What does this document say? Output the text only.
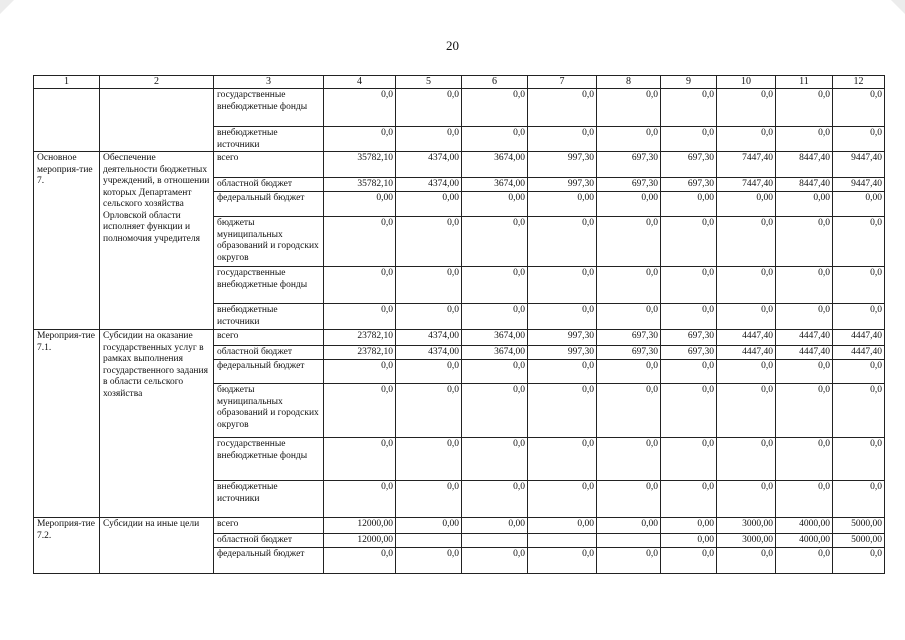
20
1	2	3	4	5	6	7	8	9	10	11	12
		государственные внебюджетные фонды	0,0	0,0	0,0	0,0	0,0	0,0	0,0	0,0	0,0
		внебюджетные источники	0,0	0,0	0,0	0,0	0,0	0,0	0,0	0,0	0,0
Основное мероприя-тие 7.	Обеспечение деятельности бюджетных учреждений, в отношении которых Департамент сельского хозяйства Орловской области исполняет функции и полномочия учредителя	всего	35782,10	4374,00	3674,00	997,30	697,30	697,30	7447,40	8447,40	9447,40
		областной бюджет	35782,10	4374,00	3674,00	997,30	697,30	697,30	7447,40	8447,40	9447,40
		федеральный бюджет	0,00	0,00	0,00	0,00	0,00	0,00	0,00	0,00	0,00
		бюджеты муниципальных образований и городских округов	0,0	0,0	0,0	0,0	0,0	0,0	0,0	0,0	0,0
		государственные внебюджетные фонды	0,0	0,0	0,0	0,0	0,0	0,0	0,0	0,0	0,0
		внебюджетные источники	0,0	0,0	0,0	0,0	0,0	0,0	0,0	0,0	0,0
Мероприя-тие 7.1.	Субсидии на оказание государственных услуг в рамках выполнения государственного задания в области сельского хозяйства	всего	23782,10	4374,00	3674,00	997,30	697,30	697,30	4447,40	4447,40	4447,40
		областной бюджет	23782,10	4374,00	3674,00	997,30	697,30	697,30	4447,40	4447,40	4447,40
		федеральный бюджет	0,0	0,0	0,0	0,0	0,0	0,0	0,0	0,0	0,0
		бюджеты муниципальных образований и городских округов	0,0	0,0	0,0	0,0	0,0	0,0	0,0	0,0	0,0
		государственные внебюджетные фонды	0,0	0,0	0,0	0,0	0,0	0,0	0,0	0,0	0,0
		внебюджетные источники	0,0	0,0	0,0	0,0	0,0	0,0	0,0	0,0	0,0
Мероприя-тие 7.2.	Субсидии на иные цели	всего	12000,00	0,00	0,00	0,00	0,00	0,00	3000,00	4000,00	5000,00
		областной бюджет	12000,00					0,00	3000,00	4000,00	5000,00
		федеральный бюджет	0,0	0,0	0,0	0,0	0,0	0,0	0,0	0,0	0,0
